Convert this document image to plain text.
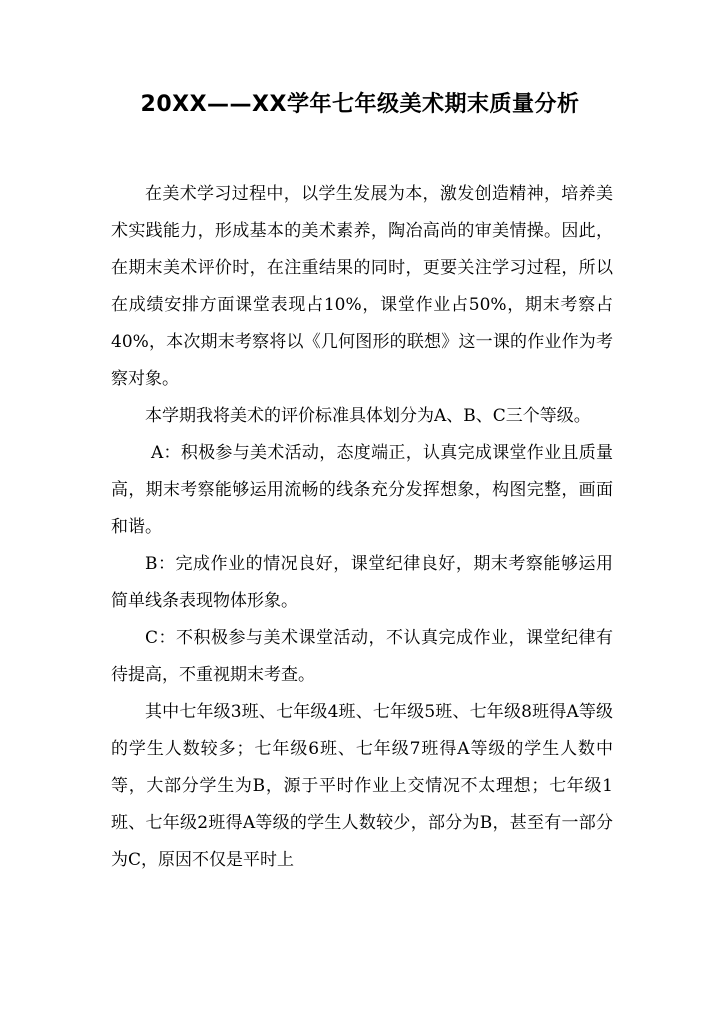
20XX——XX学年七年级美术期末质量分析

在美术学习过程中，以学生发展为本，激发创造精神，培养美术实践能力，形成基本的美术素养，陶冶高尚的审美情操。因此，在期末美术评价时，在注重结果的同时，更要关注学习过程，所以在成绩安排方面课堂表现占10%，课堂作业占50%，期末考察占40%，本次期末考察将以《几何图形的联想》这一课的作业作为考察对象。

本学期我将美术的评价标准具体划分为A、B、C三个等级。

A：积极参与美术活动，态度端正，认真完成课堂作业且质量高，期末考察能够运用流畅的线条充分发挥想象，构图完整，画面和谐。

B：完成作业的情况良好，课堂纪律良好，期末考察能够运用简单线条表现物体形象。

C：不积极参与美术课堂活动，不认真完成作业，课堂纪律有待提高，不重视期末考查。

其中七年级3班、七年级4班、七年级5班、七年级8班得A等级的学生人数较多；七年级6班、七年级7班得A等级的学生人数中等，大部分学生为B，源于平时作业上交情况不太理想；七年级1班、七年级2班得A等级的学生人数较少，部分为B，甚至有一部分为C，原因不仅是平时上
